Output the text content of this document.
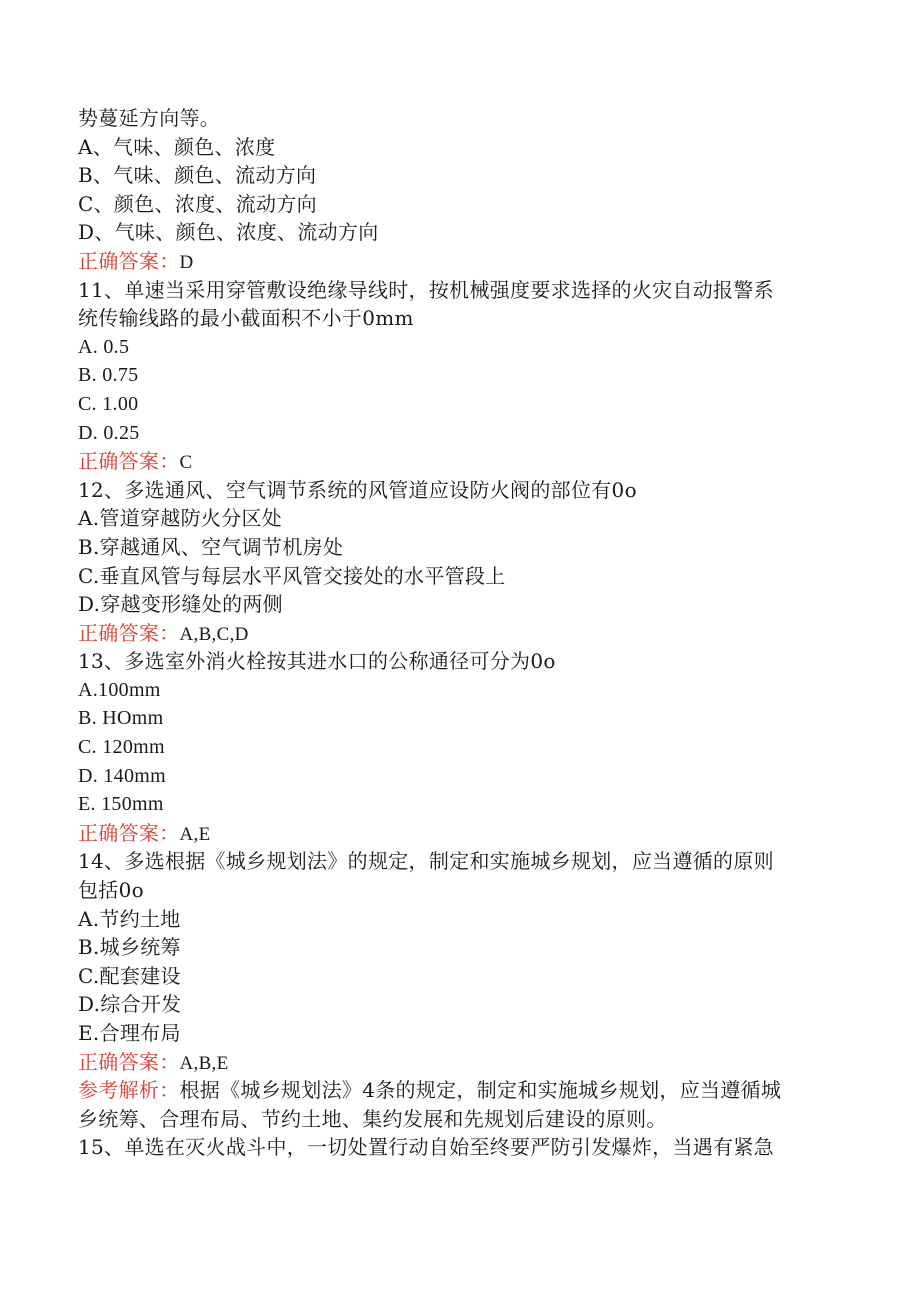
势蔓延方向等。
A、气味、颜色、浓度
B、气味、颜色、流动方向
C、颜色、浓度、流动方向
D、气味、颜色、浓度、流动方向
正确答案：D
11、单速当采用穿管敷设绝缘导线时，按机械强度要求选择的火灾自动报警系
统传输线路的最小截面积不小于0mm
A. 0.5
B. 0.75
C. 1.00
D. 0.25
正确答案：C
12、多选通风、空气调节系统的风管道应设防火阀的部位有0o
A.管道穿越防火分区处
B.穿越通风、空气调节机房处
C.垂直风管与每层水平风管交接处的水平管段上
D.穿越变形缝处的两侧
正确答案：A,B,C,D
13、多选室外消火栓按其进水口的公称通径可分为0o
A.100mm
B. HOmm
C. 120mm
D. 140mm
E. 150mm
正确答案：A,E
14、多选根据《城乡规划法》的规定，制定和实施城乡规划，应当遵循的原则
包括0o
A.节约土地
B.城乡统筹
C.配套建设
D.综合开发
E.合理布局
正确答案：A,B,E
参考解析：根据《城乡规划法》4条的规定，制定和实施城乡规划，应当遵循城
乡统筹、合理布局、节约土地、集约发展和先规划后建设的原则。
15、单选在灭火战斗中，一切处置行动自始至终要严防引发爆炸，当遇有紧急
